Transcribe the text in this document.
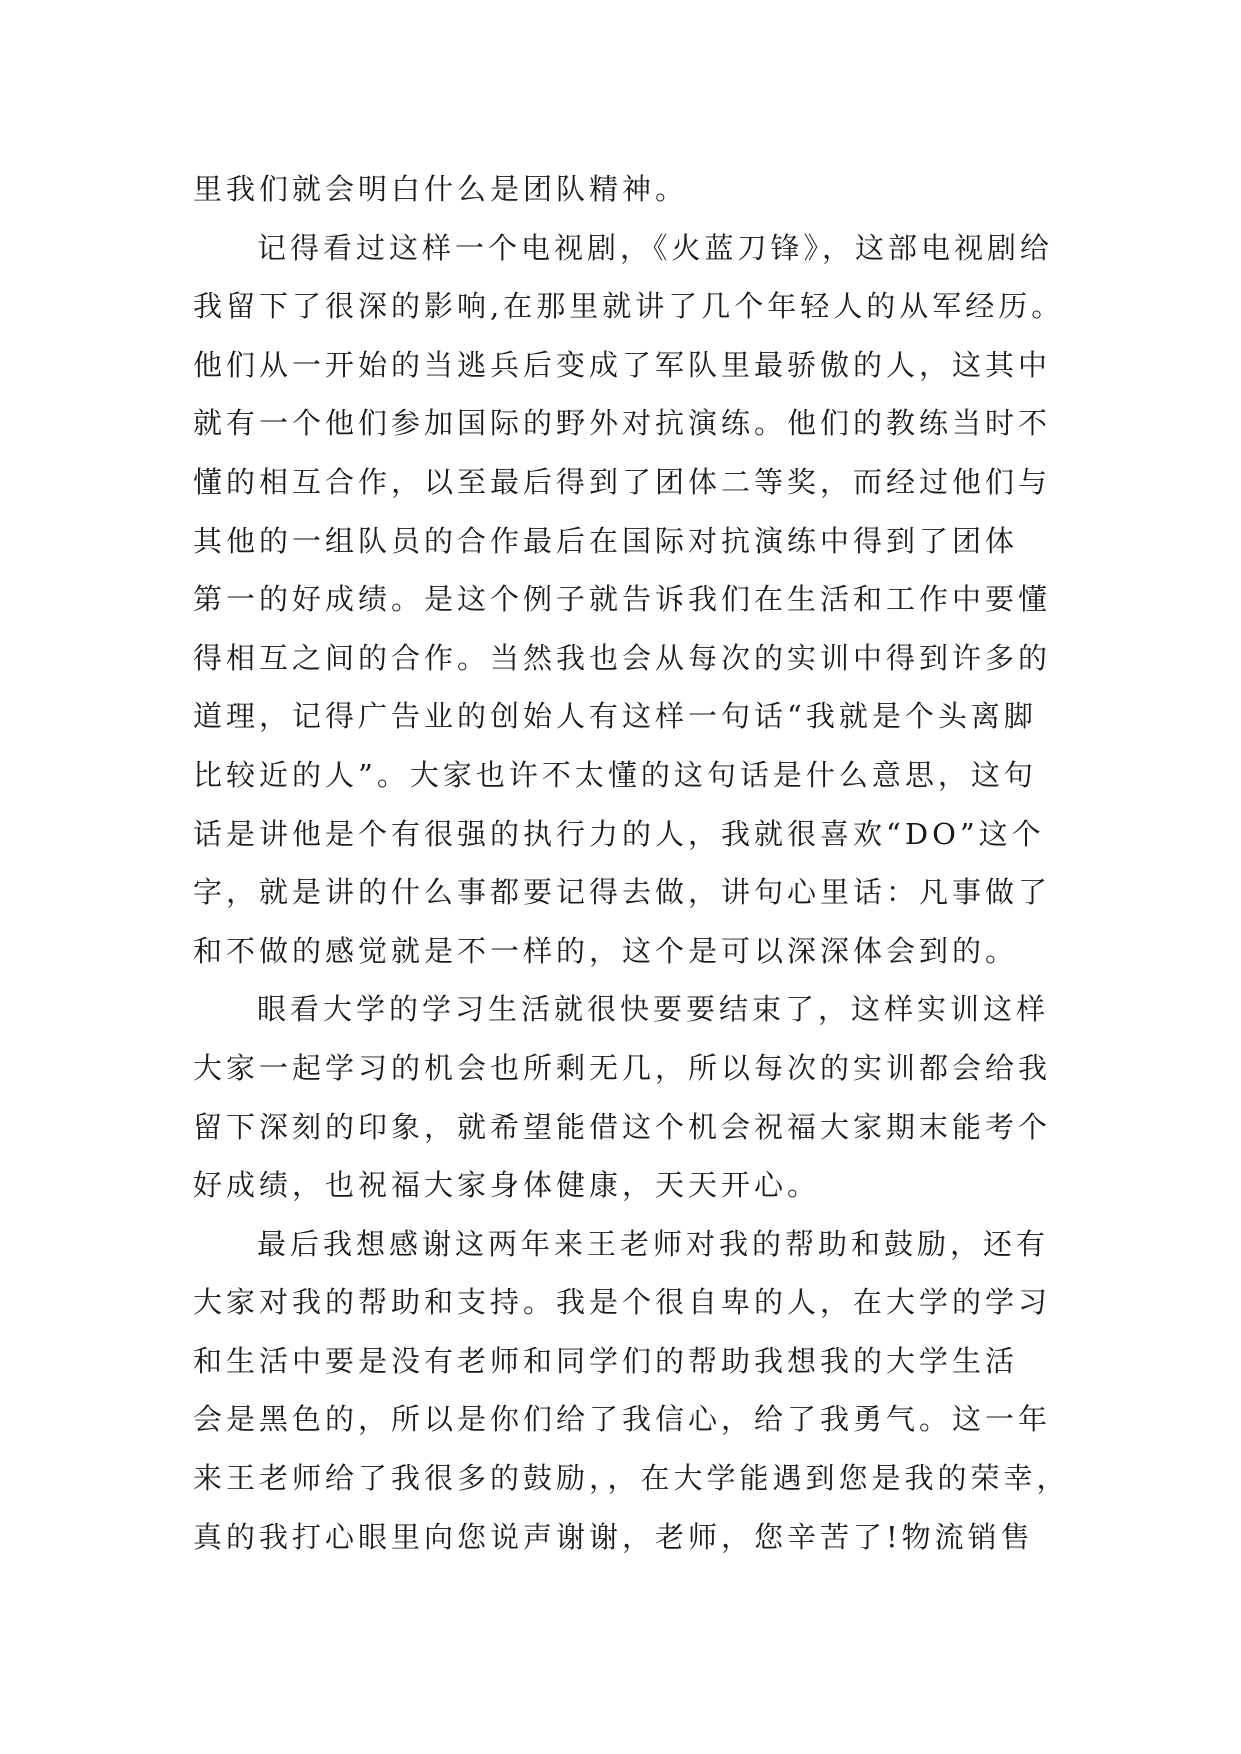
里我们就会明白什么是团队精神。
记得看过这样一个电视剧，《火蓝刀锋》，这部电视剧给
我留下了很深的影响,在那里就讲了几个年轻人的从军经历。
他们从一开始的当逃兵后变成了军队里最骄傲的人，这其中
就有一个他们参加国际的野外对抗演练。他们的教练当时不
懂的相互合作，以至最后得到了团体二等奖，而经过他们与
其他的一组队员的合作最后在国际对抗演练中得到了团体
第一的好成绩。是这个例子就告诉我们在生活和工作中要懂
得相互之间的合作。当然我也会从每次的实训中得到许多的
道理，记得广告业的创始人有这样一句话“我就是个头离脚
比较近的人”。大家也许不太懂的这句话是什么意思，这句
话是讲他是个有很强的执行力的人，我就很喜欢“DO”这个
字，就是讲的什么事都要记得去做，讲句心里话：凡事做了
和不做的感觉就是不一样的，这个是可以深深体会到的。
眼看大学的学习生活就很快要要结束了，这样实训这样
大家一起学习的机会也所剩无几，所以每次的实训都会给我
留下深刻的印象，就希望能借这个机会祝福大家期末能考个
好成绩，也祝福大家身体健康，天天开心。
最后我想感谢这两年来王老师对我的帮助和鼓励，还有
大家对我的帮助和支持。我是个很自卑的人，在大学的学习
和生活中要是没有老师和同学们的帮助我想我的大学生活
会是黑色的，所以是你们给了我信心，给了我勇气。这一年
来王老师给了我很多的鼓励，，在大学能遇到您是我的荣幸，
真的我打心眼里向您说声谢谢，老师，您辛苦了!物流销售
